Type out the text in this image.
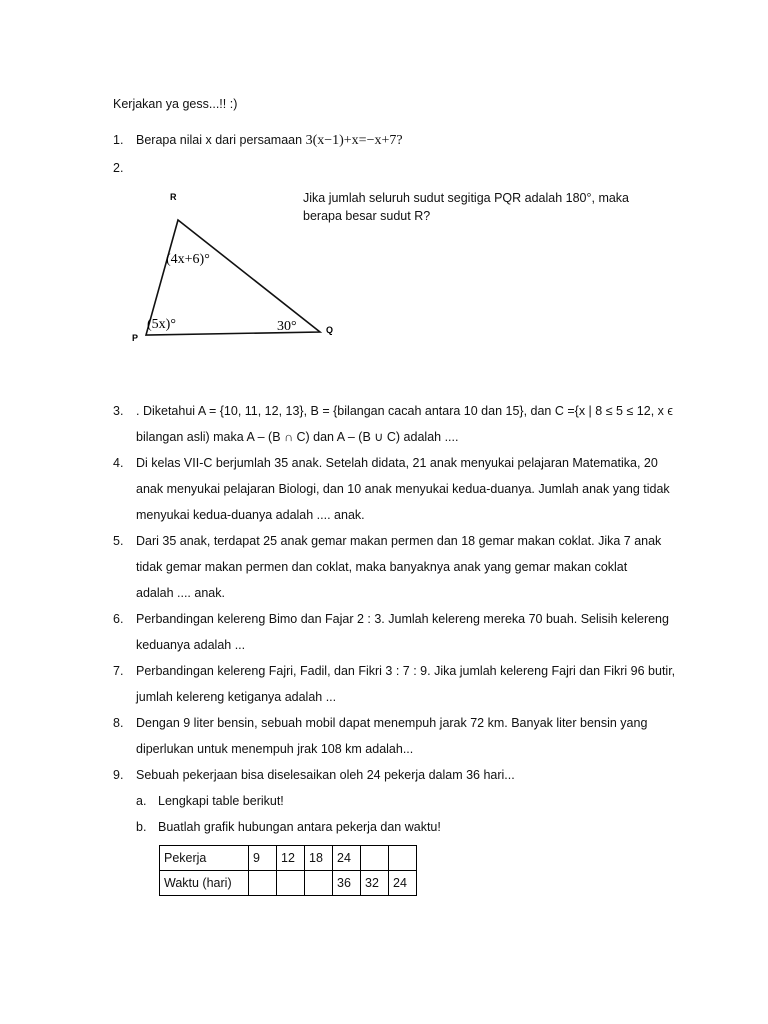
Kerjakan ya gess...!! :)
1. Berapa nilai x dari persamaan 3(x−1)+x=−x+7?
2.
R
P
Q
(4x+6)°
(5x)°	30°
Jika jumlah seluruh sudut segitiga PQR adalah 180°, maka
berapa besar sudut R?
3. . Diketahui A = {10, 11, 12, 13}, B = {bilangan cacah antara 10 dan 15}, dan C ={x | 8 ≤ 5 ≤ 12, x ϵ
bilangan asli) maka A – (B ∩ C) dan A – (B ∪ C) adalah ....
4. Di kelas VII-C berjumlah 35 anak. Setelah didata, 21 anak menyukai pelajaran Matematika, 20
anak menyukai pelajaran Biologi, dan 10 anak menyukai kedua-duanya. Jumlah anak yang tidak
menyukai kedua-duanya adalah .... anak.
5. Dari 35 anak, terdapat 25 anak gemar makan permen dan 18 gemar makan coklat. Jika 7 anak
tidak gemar makan permen dan coklat, maka banyaknya anak yang gemar makan coklat
adalah .... anak.
6. Perbandingan kelereng Bimo dan Fajar 2 : 3. Jumlah kelereng mereka 70 buah. Selisih kelereng
keduanya adalah ...
7. Perbandingan kelereng Fajri, Fadil, dan Fikri 3 : 7 : 9. Jika jumlah kelereng Fajri dan Fikri 96 butir,
jumlah kelereng ketiganya adalah ...
8. Dengan 9 liter bensin, sebuah mobil dapat menempuh jarak 72 km. Banyak liter bensin yang
diperlukan untuk menempuh jrak 108 km adalah...
9. Sebuah pekerjaan bisa diselesaikan oleh 24 pekerja dalam 36 hari...
a. Lengkapi table berikut!
b. Buatlah grafik hubungan antara pekerja dan waktu!
Pekerja	9	12	18	24		
Waktu (hari)				36	32	24
